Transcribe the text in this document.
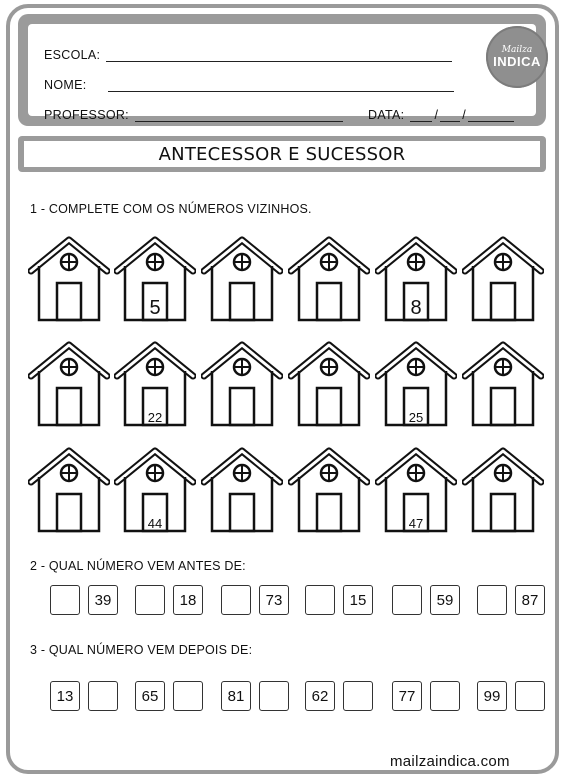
ESCOLA:
NOME:
PROFESSOR:	DATA: / /
Mailza
INDICA
ANTECESSOR E SUCESSOR
1 - COMPLETE COM OS NÚMEROS VIZINHOS.
5	8
22	25
44	47
2 - QUAL NÚMERO VEM ANTES DE:
39	18	73	15	59	87
3 - QUAL NÚMERO VEM DEPOIS DE:
13	65	81	62	77	99
mailzaindica.com
